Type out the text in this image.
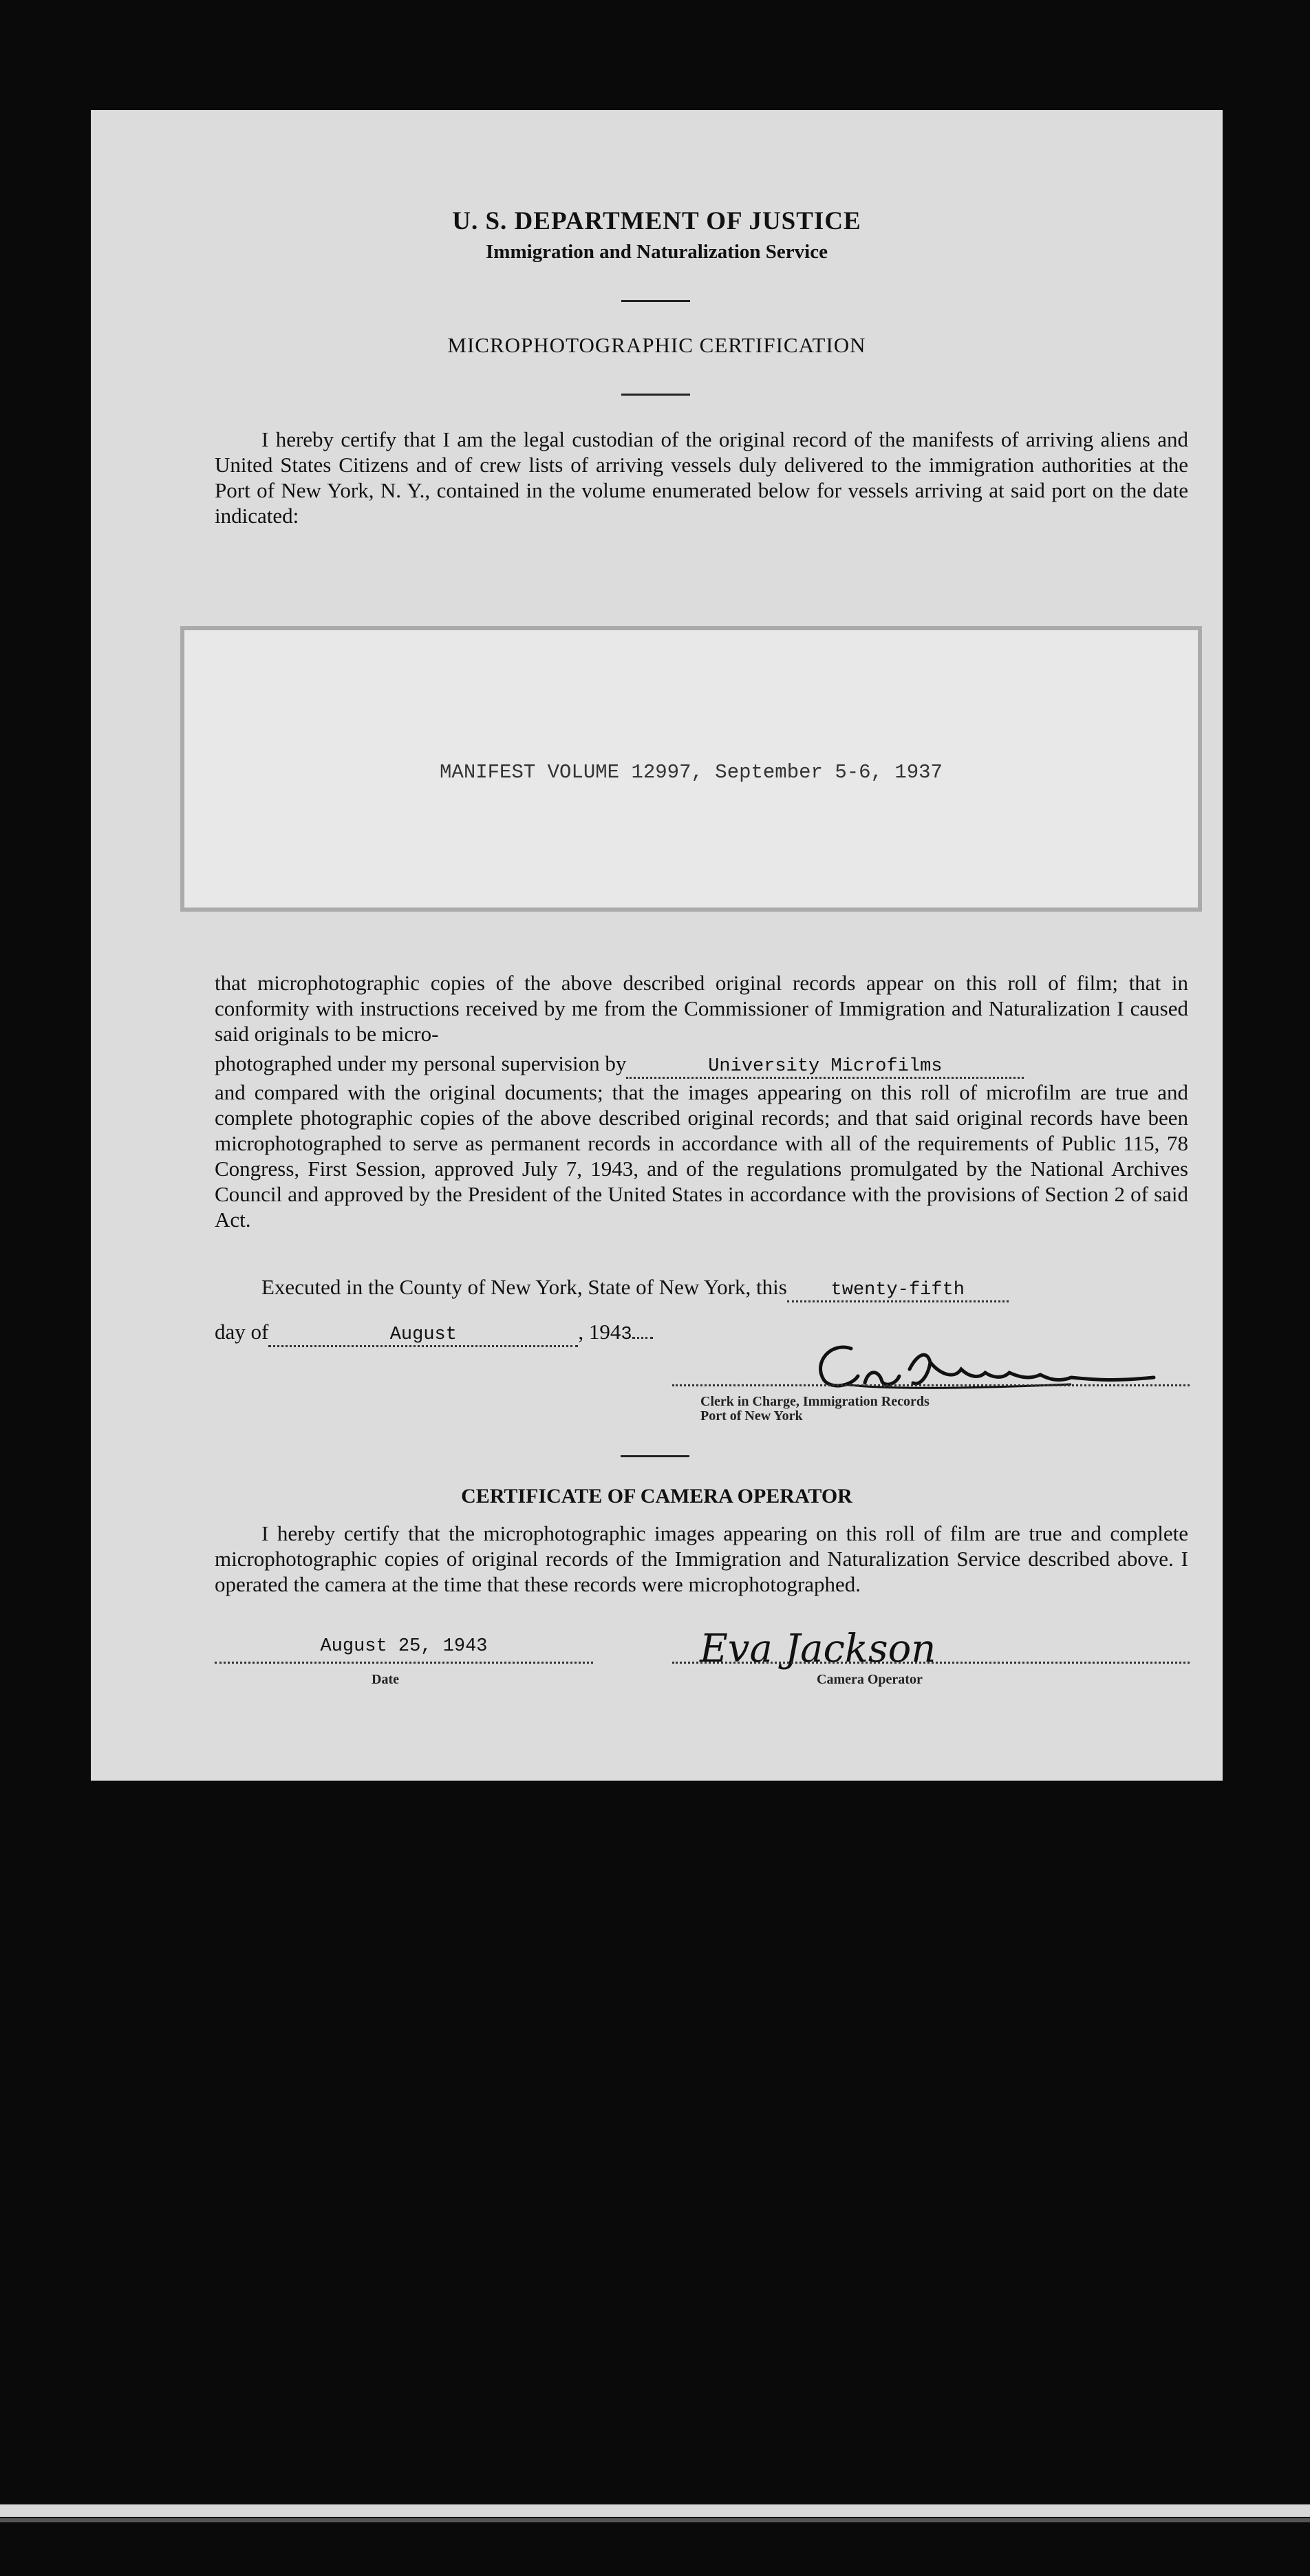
U. S. DEPARTMENT OF JUSTICE
Immigration and Naturalization Service
MICROPHOTOGRAPHIC CERTIFICATION
I hereby certify that I am the legal custodian of the original record of the manifests of arriving aliens and United States Citizens and of crew lists of arriving vessels duly delivered to the immigration authorities at the Port of New York, N. Y., contained in the volume enumerated below for vessels arriving at said port on the date indicated:
MANIFEST VOLUME 12997, September 5-6, 1937
that microphotographic copies of the above described original records appear on this roll of film; that in conformity with instructions received by me from the Commissioner of Immigration and Naturalization I caused said originals to be micro-
photographed under my personal supervision by	University Microfilms
and compared with the original documents; that the images appearing on this roll of microfilm are true and complete photographic copies of the above described original records; and that said original records have been microphotographed to serve as permanent records in accordance with all of the requirements of Public 115, 78 Congress, First Session, approved July 7, 1943, and of the regulations promulgated by the National Archives Council and approved by the President of the United States in accordance with the provisions of Section 2 of said Act.
Executed in the County of New York, State of New York, this twenty-fifth
day of	August	, 1943
Clerk in Charge, Immigration Records
Port of New York
CERTIFICATE OF CAMERA OPERATOR
I hereby certify that the microphotographic images appearing on this roll of film are true and complete microphotographic copies of original records of the Immigration and Naturalization Service described above. I operated the camera at the time that these records were microphotographed.
August 25, 1943
Date
Eva Jackson
Camera Operator
